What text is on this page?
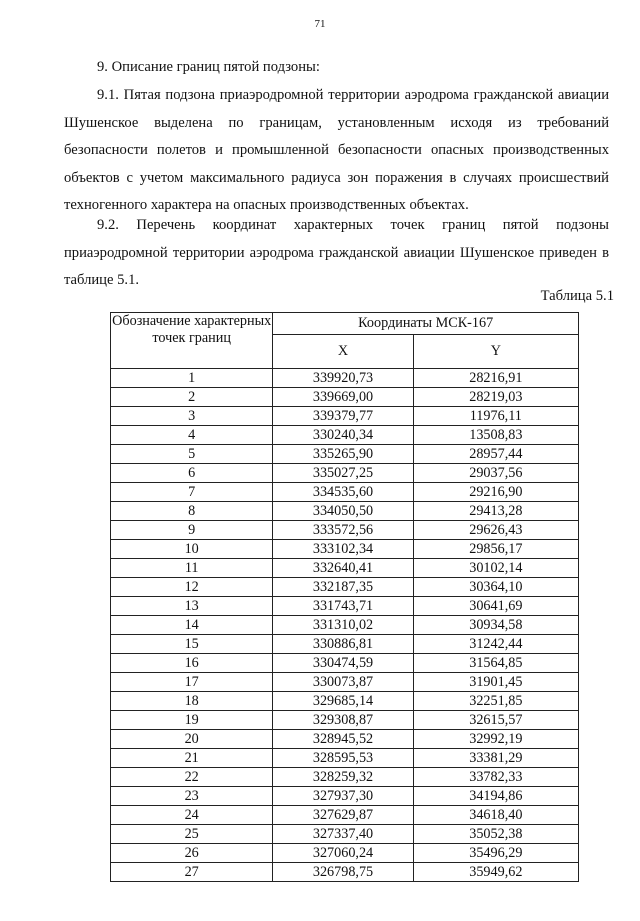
71
9. Описание границ пятой подзоны:
9.1. Пятая подзона приаэродромной территории аэродрома гражданской авиации Шушенское выделена по границам, установленным исходя из требований безопасности полетов и промышленной безопасности опасных производственных объектов с учетом максимального радиуса зон поражения в случаях происшествий техногенного характера на опасных производственных объектах.
9.2. Перечень координат характерных точек границ пятой подзоны приаэродромной территории аэродрома гражданской авиации Шушенское приведен в таблице 5.1.
Таблица 5.1
Обозначение характерных точек границ	Координаты МСК-167	
	X	Y
1	339920,73	28216,91
2	339669,00	28219,03
3	339379,77	11976,11
4	330240,34	13508,83
5	335265,90	28957,44
6	335027,25	29037,56
7	334535,60	29216,90
8	334050,50	29413,28
9	333572,56	29626,43
10	333102,34	29856,17
11	332640,41	30102,14
12	332187,35	30364,10
13	331743,71	30641,69
14	331310,02	30934,58
15	330886,81	31242,44
16	330474,59	31564,85
17	330073,87	31901,45
18	329685,14	32251,85
19	329308,87	32615,57
20	328945,52	32992,19
21	328595,53	33381,29
22	328259,32	33782,33
23	327937,30	34194,86
24	327629,87	34618,40
25	327337,40	35052,38
26	327060,24	35496,29
27	326798,75	35949,62
